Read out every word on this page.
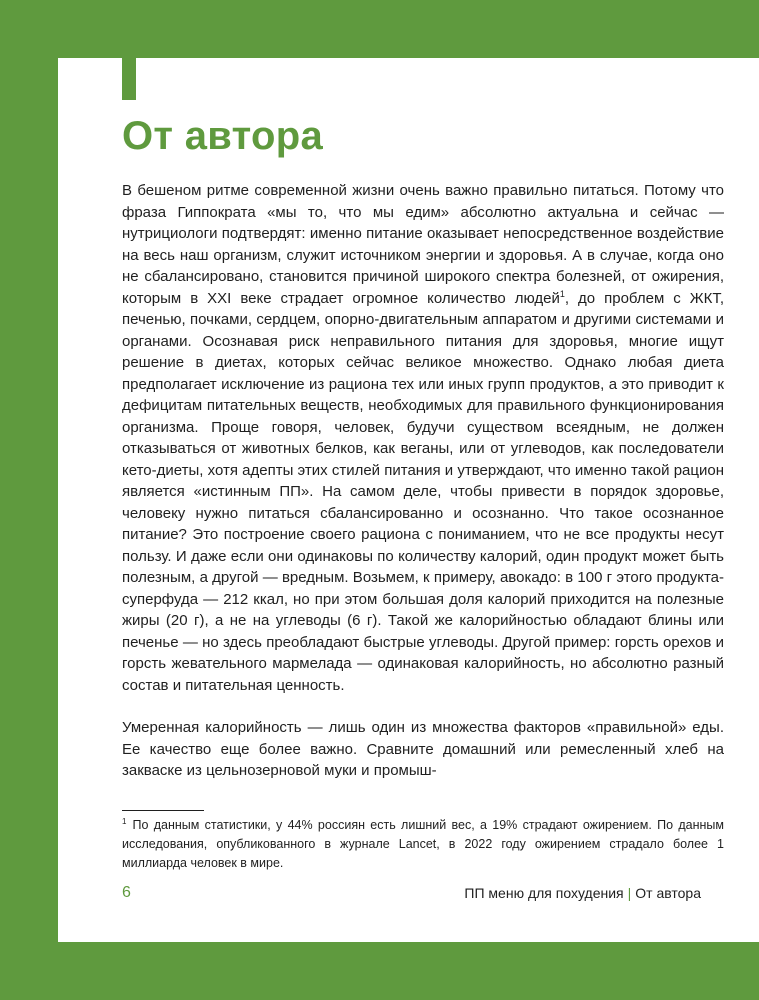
От автора

В бешеном ритме современной жизни очень важно правильно питаться. Потому что фраза Гиппократа «мы то, что мы едим» абсолютно актуальна и сейчас — нутрициологи подтвердят: именно питание оказывает непосредственное воздействие на весь наш организм, служит источником энергии и здоровья. А в случае, когда оно не сбалансировано, становится причиной широкого спектра болезней, от ожирения, которым в XXI веке страдает огромное количество людей$^1$, до проблем с ЖКТ, печенью, почками, сердцем, опорно-двигательным аппаратом и другими системами и органами. Осознавая риск неправильного питания для здоровья, многие ищут решение в диетах, которых сейчас великое множество. Однако любая диета предполагает исключение из рациона тех или иных групп продуктов, а это приводит к дефицитам питательных веществ, необходимых для правильного функционирования организма. Проще говоря, человек, будучи существом всеядным, не должен отказываться от животных белков, как веганы, или от углеводов, как последователи кето-диеты, хотя адепты этих стилей питания и утверждают, что именно такой рацион является «истинным ПП». На самом деле, чтобы привести в порядок здоровье, человеку нужно питаться сбалансированно и осознанно. Что такое осознанное питание? Это построение своего рациона с пониманием, что не все продукты несут пользу. И даже если они одинаковы по количеству калорий, один продукт может быть полезным, а другой — вредным. Возьмем, к примеру, авокадо: в 100 г этого продукта-суперфуда — 212 ккал, но при этом большая доля калорий приходится на полезные жиры (20 г), а не на углеводы (6 г). Такой же калорийностью обладают блины или печенье — но здесь преобладают быстрые углеводы. Другой пример: горсть орехов и горсть жевательного мармелада — одинаковая калорийность, но абсолютно разный состав и питательная ценность.

Умеренная калорийность — лишь один из множества факторов «правильной» еды. Ее качество еще более важно. Сравните домашний или ремесленный хлеб на закваске из цельнозерновой муки и промыш-

$^1$ По данным статистики, у 44% россиян есть лишний вес, а 19% страдают ожирением. По данным исследования, опубликованного в журнале Lancet, в 2022 году ожирением страдало более 1 миллиарда человек в мире.
6	ПП меню для похудения | От автора
